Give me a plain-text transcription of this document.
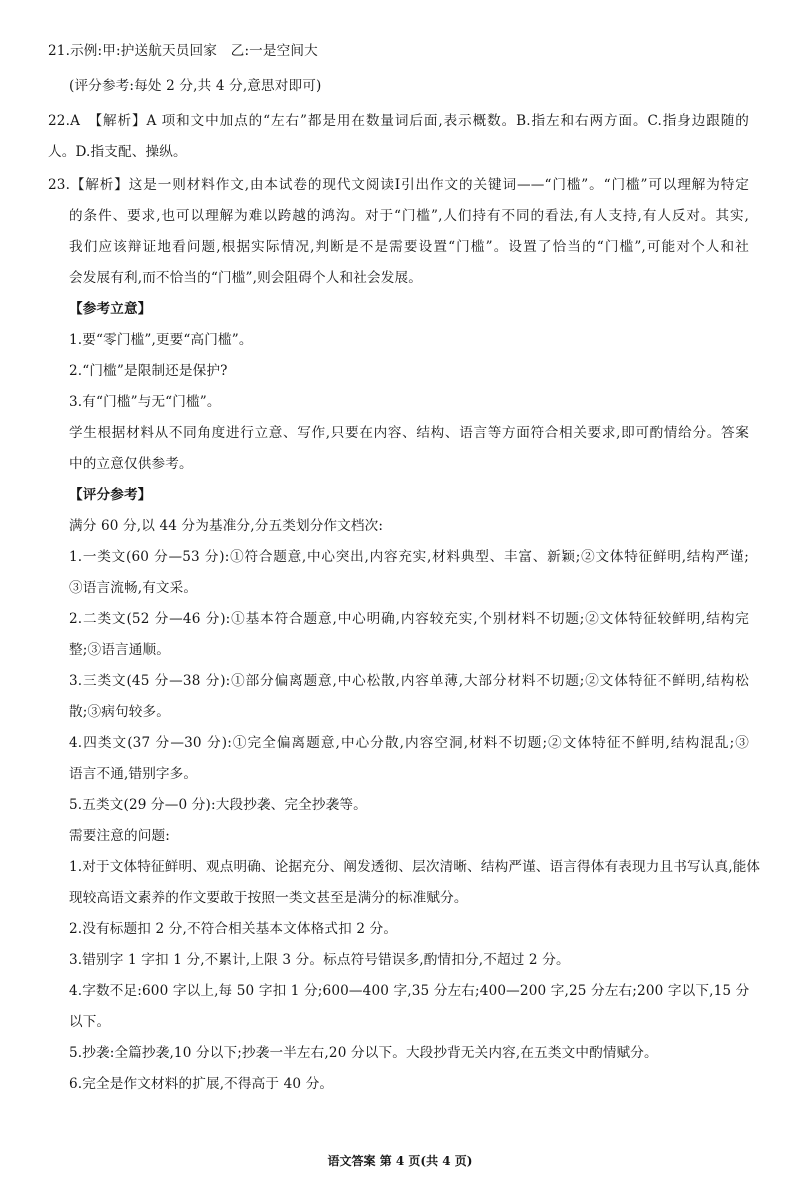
21.示例:甲:护送航天员回家　乙:一是空间大
(评分参考:每处 2 分,共 4 分,意思对即可)
22.A　【解析】A 项和文中加点的“左右”都是用在数量词后面,表示概数。B.指左和右两方面。C.指身边跟随的
人。D.指支配、操纵。
23.【解析】这是一则材料作文,由本试卷的现代文阅读Ⅰ引出作文的关键词——“门槛”。“门槛”可以理解为特定
的条件、要求,也可以理解为难以跨越的鸿沟。对于“门槛”,人们持有不同的看法,有人支持,有人反对。其实,
我们应该辩证地看问题,根据实际情况,判断是不是需要设置“门槛”。设置了恰当的“门槛”,可能对个人和社
会发展有利,而不恰当的“门槛”,则会阻碍个人和社会发展。
【参考立意】
1.要“零门槛”,更要“高门槛”。
2.“门槛”是限制还是保护?
3.有“门槛”与无“门槛”。
学生根据材料从不同角度进行立意、写作,只要在内容、结构、语言等方面符合相关要求,即可酌情给分。答案
中的立意仅供参考。
【评分参考】
满分 60 分,以 44 分为基准分,分五类划分作文档次:
1.一类文(60 分—53 分):①符合题意,中心突出,内容充实,材料典型、丰富、新颖;②文体特征鲜明,结构严谨;
③语言流畅,有文采。
2.二类文(52 分—46 分):①基本符合题意,中心明确,内容较充实,个别材料不切题;②文体特征较鲜明,结构完
整;③语言通顺。
3.三类文(45 分—38 分):①部分偏离题意,中心松散,内容单薄,大部分材料不切题;②文体特征不鲜明,结构松
散;③病句较多。
4.四类文(37 分—30 分):①完全偏离题意,中心分散,内容空洞,材料不切题;②文体特征不鲜明,结构混乱;③
语言不通,错别字多。
5.五类文(29 分—0 分):大段抄袭、完全抄袭等。
需要注意的问题:
1.对于文体特征鲜明、观点明确、论据充分、阐发透彻、层次清晰、结构严谨、语言得体有表现力且书写认真,能体
现较高语文素养的作文要敢于按照一类文甚至是满分的标准赋分。
2.没有标题扣 2 分,不符合相关基本文体格式扣 2 分。
3.错别字 1 字扣 1 分,不累计,上限 3 分。标点符号错误多,酌情扣分,不超过 2 分。
4.字数不足:600 字以上,每 50 字扣 1 分;600—400 字,35 分左右;400—200 字,25 分左右;200 字以下,15 分
以下。
5.抄袭:全篇抄袭,10 分以下;抄袭一半左右,20 分以下。大段抄背无关内容,在五类文中酌情赋分。
6.完全是作文材料的扩展,不得高于 40 分。
语文答案 第 4 页(共 4 页)
